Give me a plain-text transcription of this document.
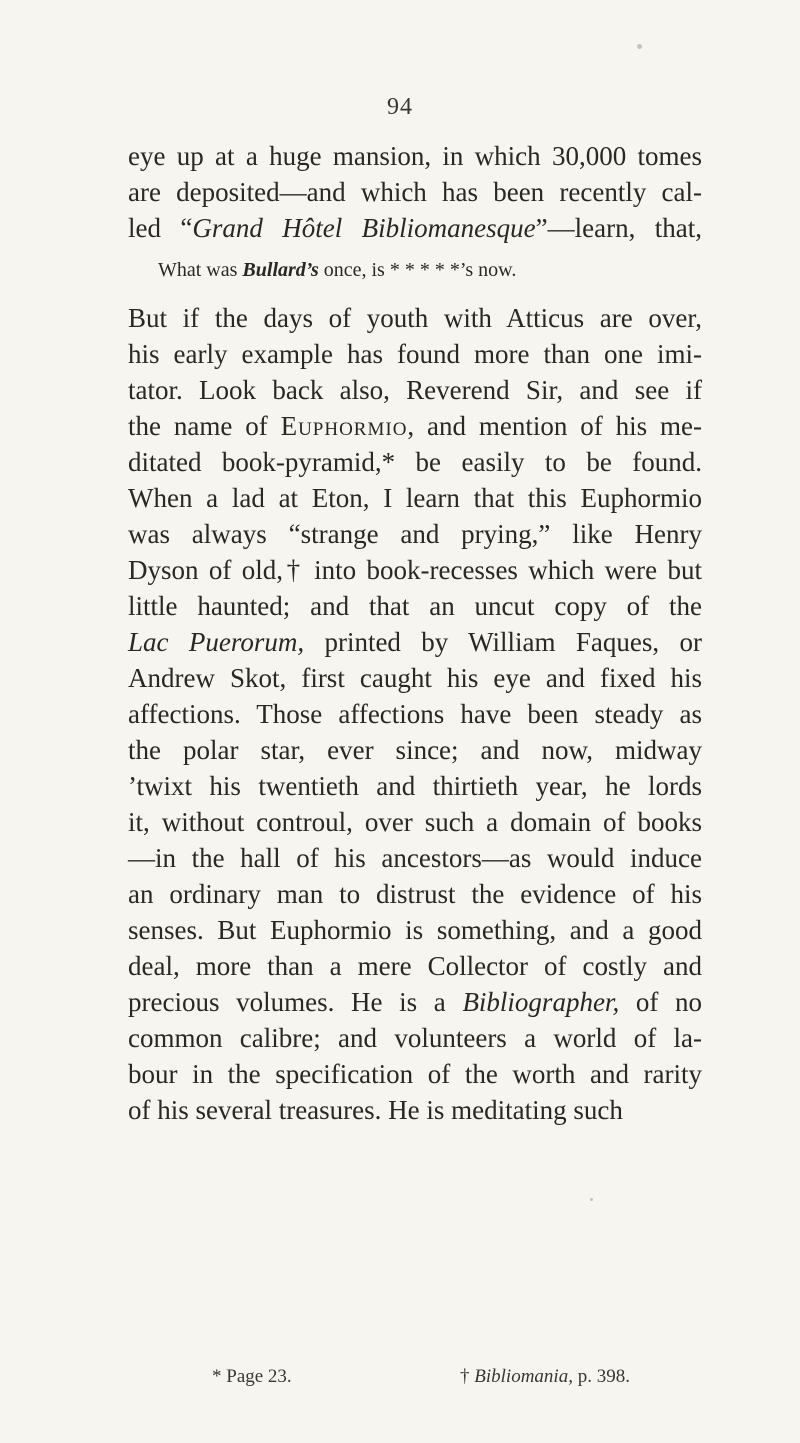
94
eye up at a huge mansion, in which 30,000 tomes
are deposited—and which has been recently cal-
led “Grand Hôtel Bibliomanesque”—learn, that,
What was Bullard’s once, is * * * * *’s now.
But if the days of youth with Atticus are over,
his early example has found more than one imi-
tator. Look back also, Reverend Sir, and see if
the name of Euphormio, and mention of his me-
ditated book-pyramid,* be easily to be found.
When a lad at Eton, I learn that this Euphormio
was always “strange and prying,” like Henry
Dyson of old,† into book-recesses which were but
little haunted; and that an uncut copy of the
Lac Puerorum, printed by William Faques, or
Andrew Skot, first caught his eye and fixed his
affections. Those affections have been steady as
the polar star, ever since; and now, midway
’twixt his twentieth and thirtieth year, he lords
it, without controul, over such a domain of books
—in the hall of his ancestors—as would induce
an ordinary man to distrust the evidence of his
senses. But Euphormio is something, and a good
deal, more than a mere Collector of costly and
precious volumes. He is a Bibliographer, of no
common calibre; and volunteers a world of la-
bour in the specification of the worth and rarity
of his several treasures. He is meditating such
* Page 23.	† Bibliomania, p. 398.
